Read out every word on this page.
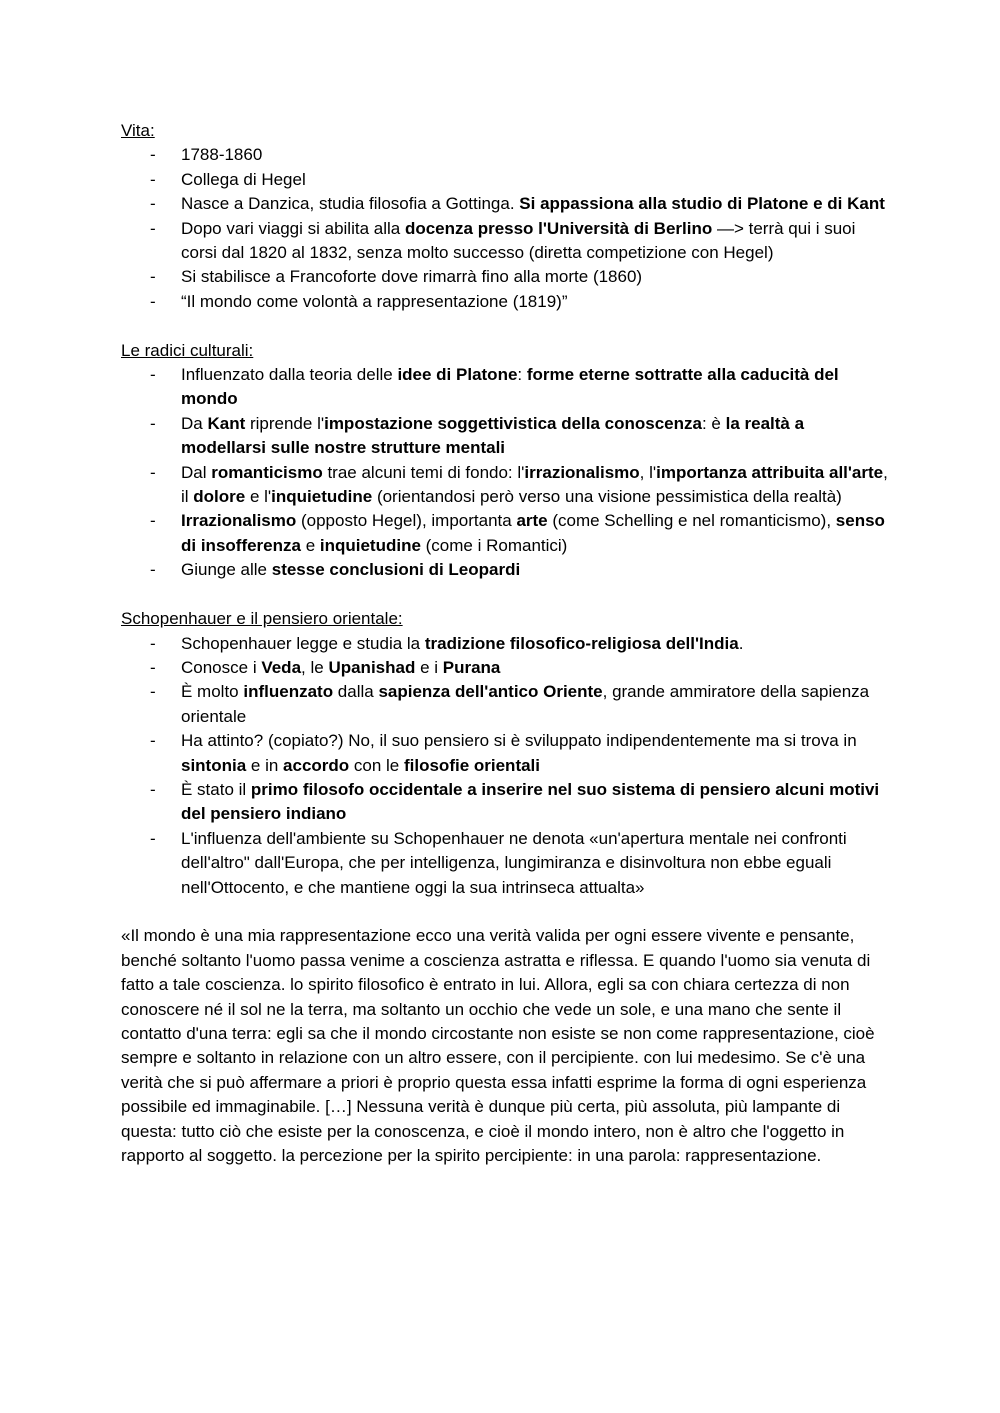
Vita:

- 1788-1860
- Collega di Hegel
- Nasce a Danzica, studia filosofia a Gottinga. Si appassiona alla studio di Platone e di Kant
- Dopo vari viaggi si abilita alla docenza presso l'Università di Berlino —> terrà qui i suoi corsi dal 1820 al 1832, senza molto successo (diretta competizione con Hegel)
- Si stabilisce a Francoforte dove rimarrà fino alla morte (1860)
- “Il mondo come volontà a rappresentazione (1819)”

Le radici culturali:

- Influenzato dalla teoria delle idee di Platone: forme eterne sottratte alla caducità del mondo
- Da Kant riprende l'impostazione soggettivistica della conoscenza: è la realtà a modellarsi sulle nostre strutture mentali
- Dal romanticismo trae alcuni temi di fondo: l'irrazionalismo, l'importanza attribuita all'arte, il dolore e l'inquietudine (orientandosi però verso una visione pessimistica della realtà)
- Irrazionalismo (opposto Hegel), importanta arte (come Schelling e nel romanticismo), senso di insofferenza e inquietudine (come i Romantici)
- Giunge alle stesse conclusioni di Leopardi

Schopenhauer e il pensiero orientale:

- Schopenhauer legge e studia la tradizione filosofico-religiosa dell'India.
- Conosce i Veda, le Upanishad e i Purana
- È molto influenzato dalla sapienza dell'antico Oriente, grande ammiratore della sapienza orientale
- Ha attinto? (copiato?) No, il suo pensiero si è sviluppato indipendentemente ma si trova in sintonia e in accordo con le filosofie orientali
- È stato il primo filosofo occidentale a inserire nel suo sistema di pensiero alcuni motivi del pensiero indiano
- L'influenza dell'ambiente su Schopenhauer ne denota «un'apertura mentale nei confronti dell'altro" dall'Europa, che per intelligenza, lungimiranza e disinvoltura non ebbe eguali nell'Ottocento, e che mantiene oggi la sua intrinseca attualta»

«Il mondo è una mia rappresentazione ecco una verità valida per ogni essere vivente e pensante, benché soltanto l'uomo passa venime a coscienza astratta e riflessa. E quando l'uomo sia venuta di fatto a tale coscienza. lo spirito filosofico è entrato in lui. Allora, egli sa con chiara certezza di non conoscere né il sol ne la terra, ma soltanto un occhio che vede un sole, e una mano che sente il contatto d'una terra: egli sa che il mondo circostante non esiste se non come rappresentazione, cioè sempre e soltanto in relazione con un altro essere, con il percipiente. con lui medesimo. Se c'è una verità che si può affermare a priori è proprio questa essa infatti esprime la forma di ogni esperienza possibile ed immaginabile. […] Nessuna verità è dunque più certa, più assoluta, più lampante di questa: tutto ciò che esiste per la conoscenza, e cioè il mondo intero, non è altro che l'oggetto in rapporto al soggetto. la percezione per la spirito percipiente: in una parola: rappresentazione.
